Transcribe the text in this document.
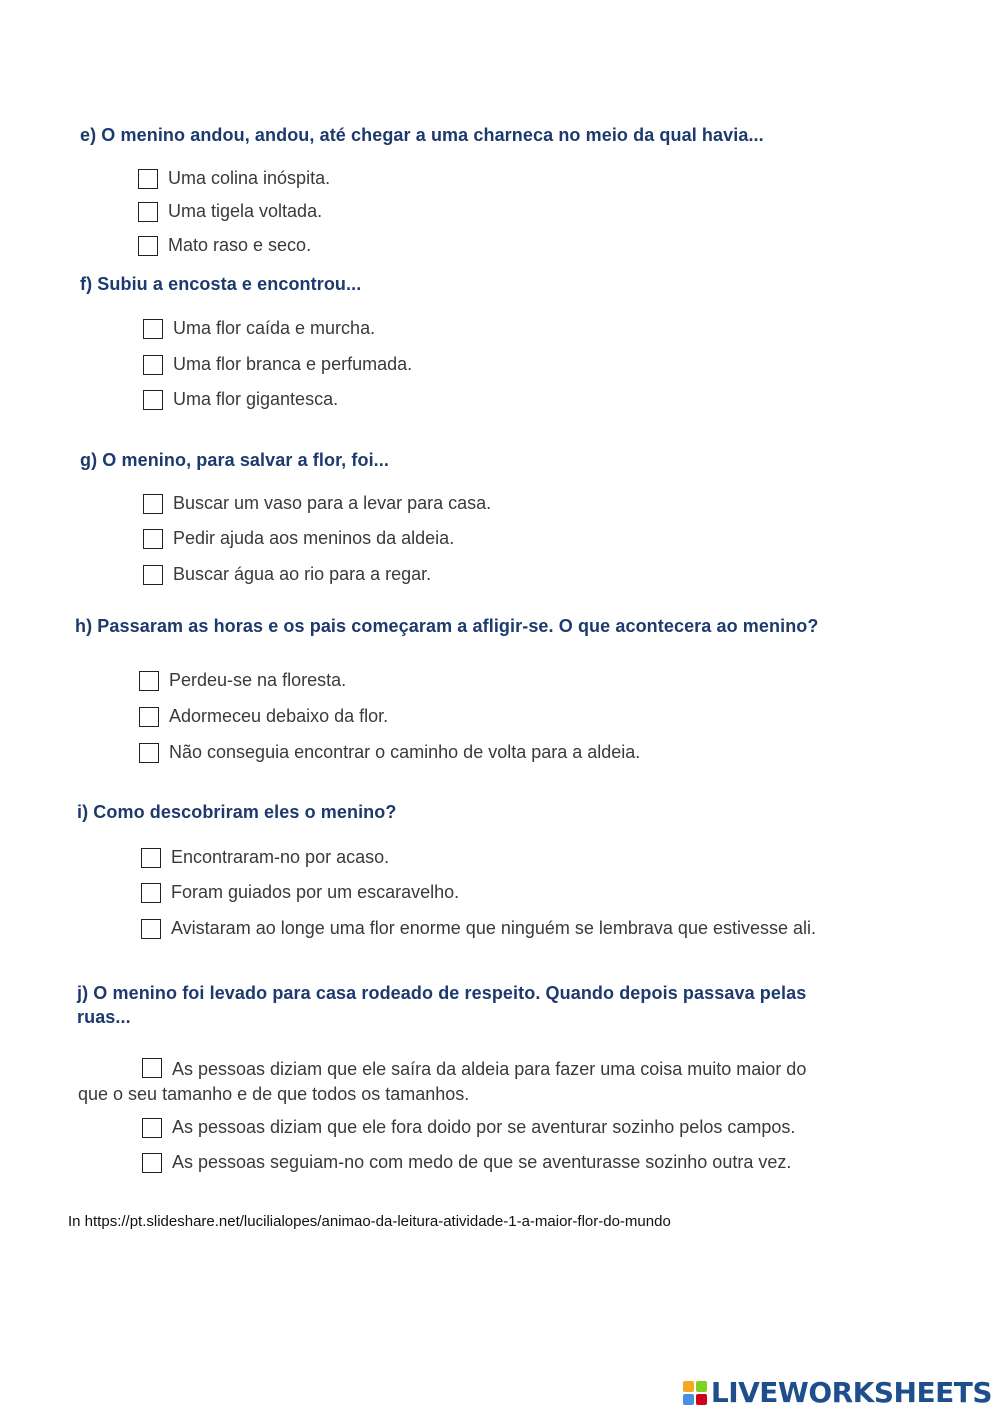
e) O menino andou, andou, até chegar a uma charneca no meio da qual havia...
Uma colina inóspita.
Uma tigela voltada.
Mato raso e seco.
f) Subiu a encosta e encontrou...
Uma flor caída e murcha.
Uma flor branca e perfumada.
Uma flor gigantesca.
g) O menino, para salvar a flor, foi...
Buscar um vaso para a levar para casa.
Pedir ajuda aos meninos da aldeia.
Buscar água ao rio para a regar.
h) Passaram as horas e os pais começaram a afligir-se. O que acontecera ao menino?
Perdeu-se na floresta.
Adormeceu debaixo da flor.
Não conseguia encontrar o caminho de volta para a aldeia.
i) Como descobriram eles o menino?
Encontraram-no por acaso.
Foram guiados por um escaravelho.
Avistaram ao longe uma flor enorme que ninguém se lembrava que estivesse ali.
j) O menino foi levado para casa rodeado de respeito. Quando depois passava pelas
ruas...
As pessoas diziam que ele saíra da aldeia para fazer uma coisa muito maior do
que o seu tamanho e de que todos os tamanhos.
As pessoas diziam que ele fora doido por se aventurar sozinho pelos campos.
As pessoas seguiam-no com medo de que se aventurasse sozinho outra vez.
In https://pt.slideshare.net/lucilialopes/animao-da-leitura-atividade-1-a-maior-flor-do-mundo
LIVEWORKSHEETS
